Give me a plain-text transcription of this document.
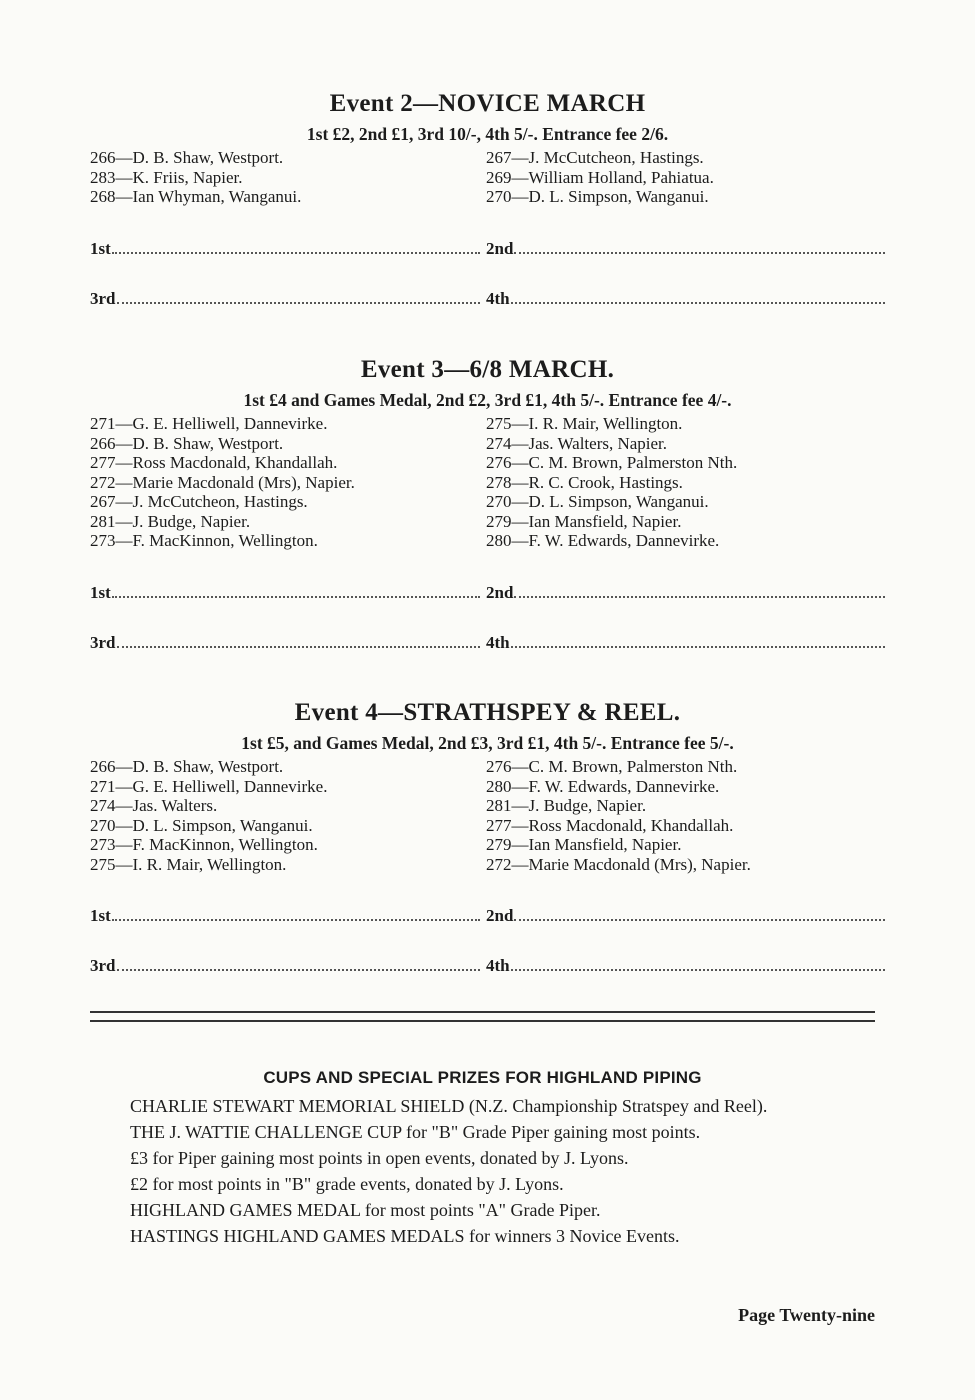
Event 2—NOVICE MARCH
1st £2, 2nd £1, 3rd 10/-, 4th 5/-. Entrance fee 2/6.
266—D. B. Shaw, Westport.
283—K. Friis, Napier.
268—Ian Whyman, Wanganui.
267—J. McCutcheon, Hastings.
269—William Holland, Pahiatua.
270—D. L. Simpson, Wanganui.
1st	2nd
3rd	4th
Event 3—6/8 MARCH.
1st £4 and Games Medal, 2nd £2, 3rd £1, 4th 5/-. Entrance fee 4/-.
271—G. E. Helliwell, Dannevirke.
266—D. B. Shaw, Westport.
277—Ross Macdonald, Khandallah.
272—Marie Macdonald (Mrs), Napier.
267—J. McCutcheon, Hastings.
281—J. Budge, Napier.
273—F. MacKinnon, Wellington.
275—I. R. Mair, Wellington.
274—Jas. Walters, Napier.
276—C. M. Brown, Palmerston Nth.
278—R. C. Crook, Hastings.
270—D. L. Simpson, Wanganui.
279—Ian Mansfield, Napier.
280—F. W. Edwards, Dannevirke.
1st	2nd
3rd	4th
Event 4—STRATHSPEY & REEL.
1st £5, and Games Medal, 2nd £3, 3rd £1, 4th 5/-. Entrance fee 5/-.
266—D. B. Shaw, Westport.
271—G. E. Helliwell, Dannevirke.
274—Jas. Walters.
270—D. L. Simpson, Wanganui.
273—F. MacKinnon, Wellington.
275—I. R. Mair, Wellington.
276—C. M. Brown, Palmerston Nth.
280—F. W. Edwards, Dannevirke.
281—J. Budge, Napier.
277—Ross Macdonald, Khandallah.
279—Ian Mansfield, Napier.
272—Marie Macdonald (Mrs), Napier.
1st	2nd
3rd	4th
CUPS AND SPECIAL PRIZES FOR HIGHLAND PIPING
CHARLIE STEWART MEMORIAL SHIELD (N.Z. Championship Stratspey and Reel).
THE J. WATTIE CHALLENGE CUP for "B" Grade Piper gaining most points.
£3 for Piper gaining most points in open events, donated by J. Lyons.
£2 for most points in "B" grade events, donated by J. Lyons.
HIGHLAND GAMES MEDAL for most points "A" Grade Piper.
HASTINGS HIGHLAND GAMES MEDALS for winners 3 Novice Events.
Page Twenty-nine
